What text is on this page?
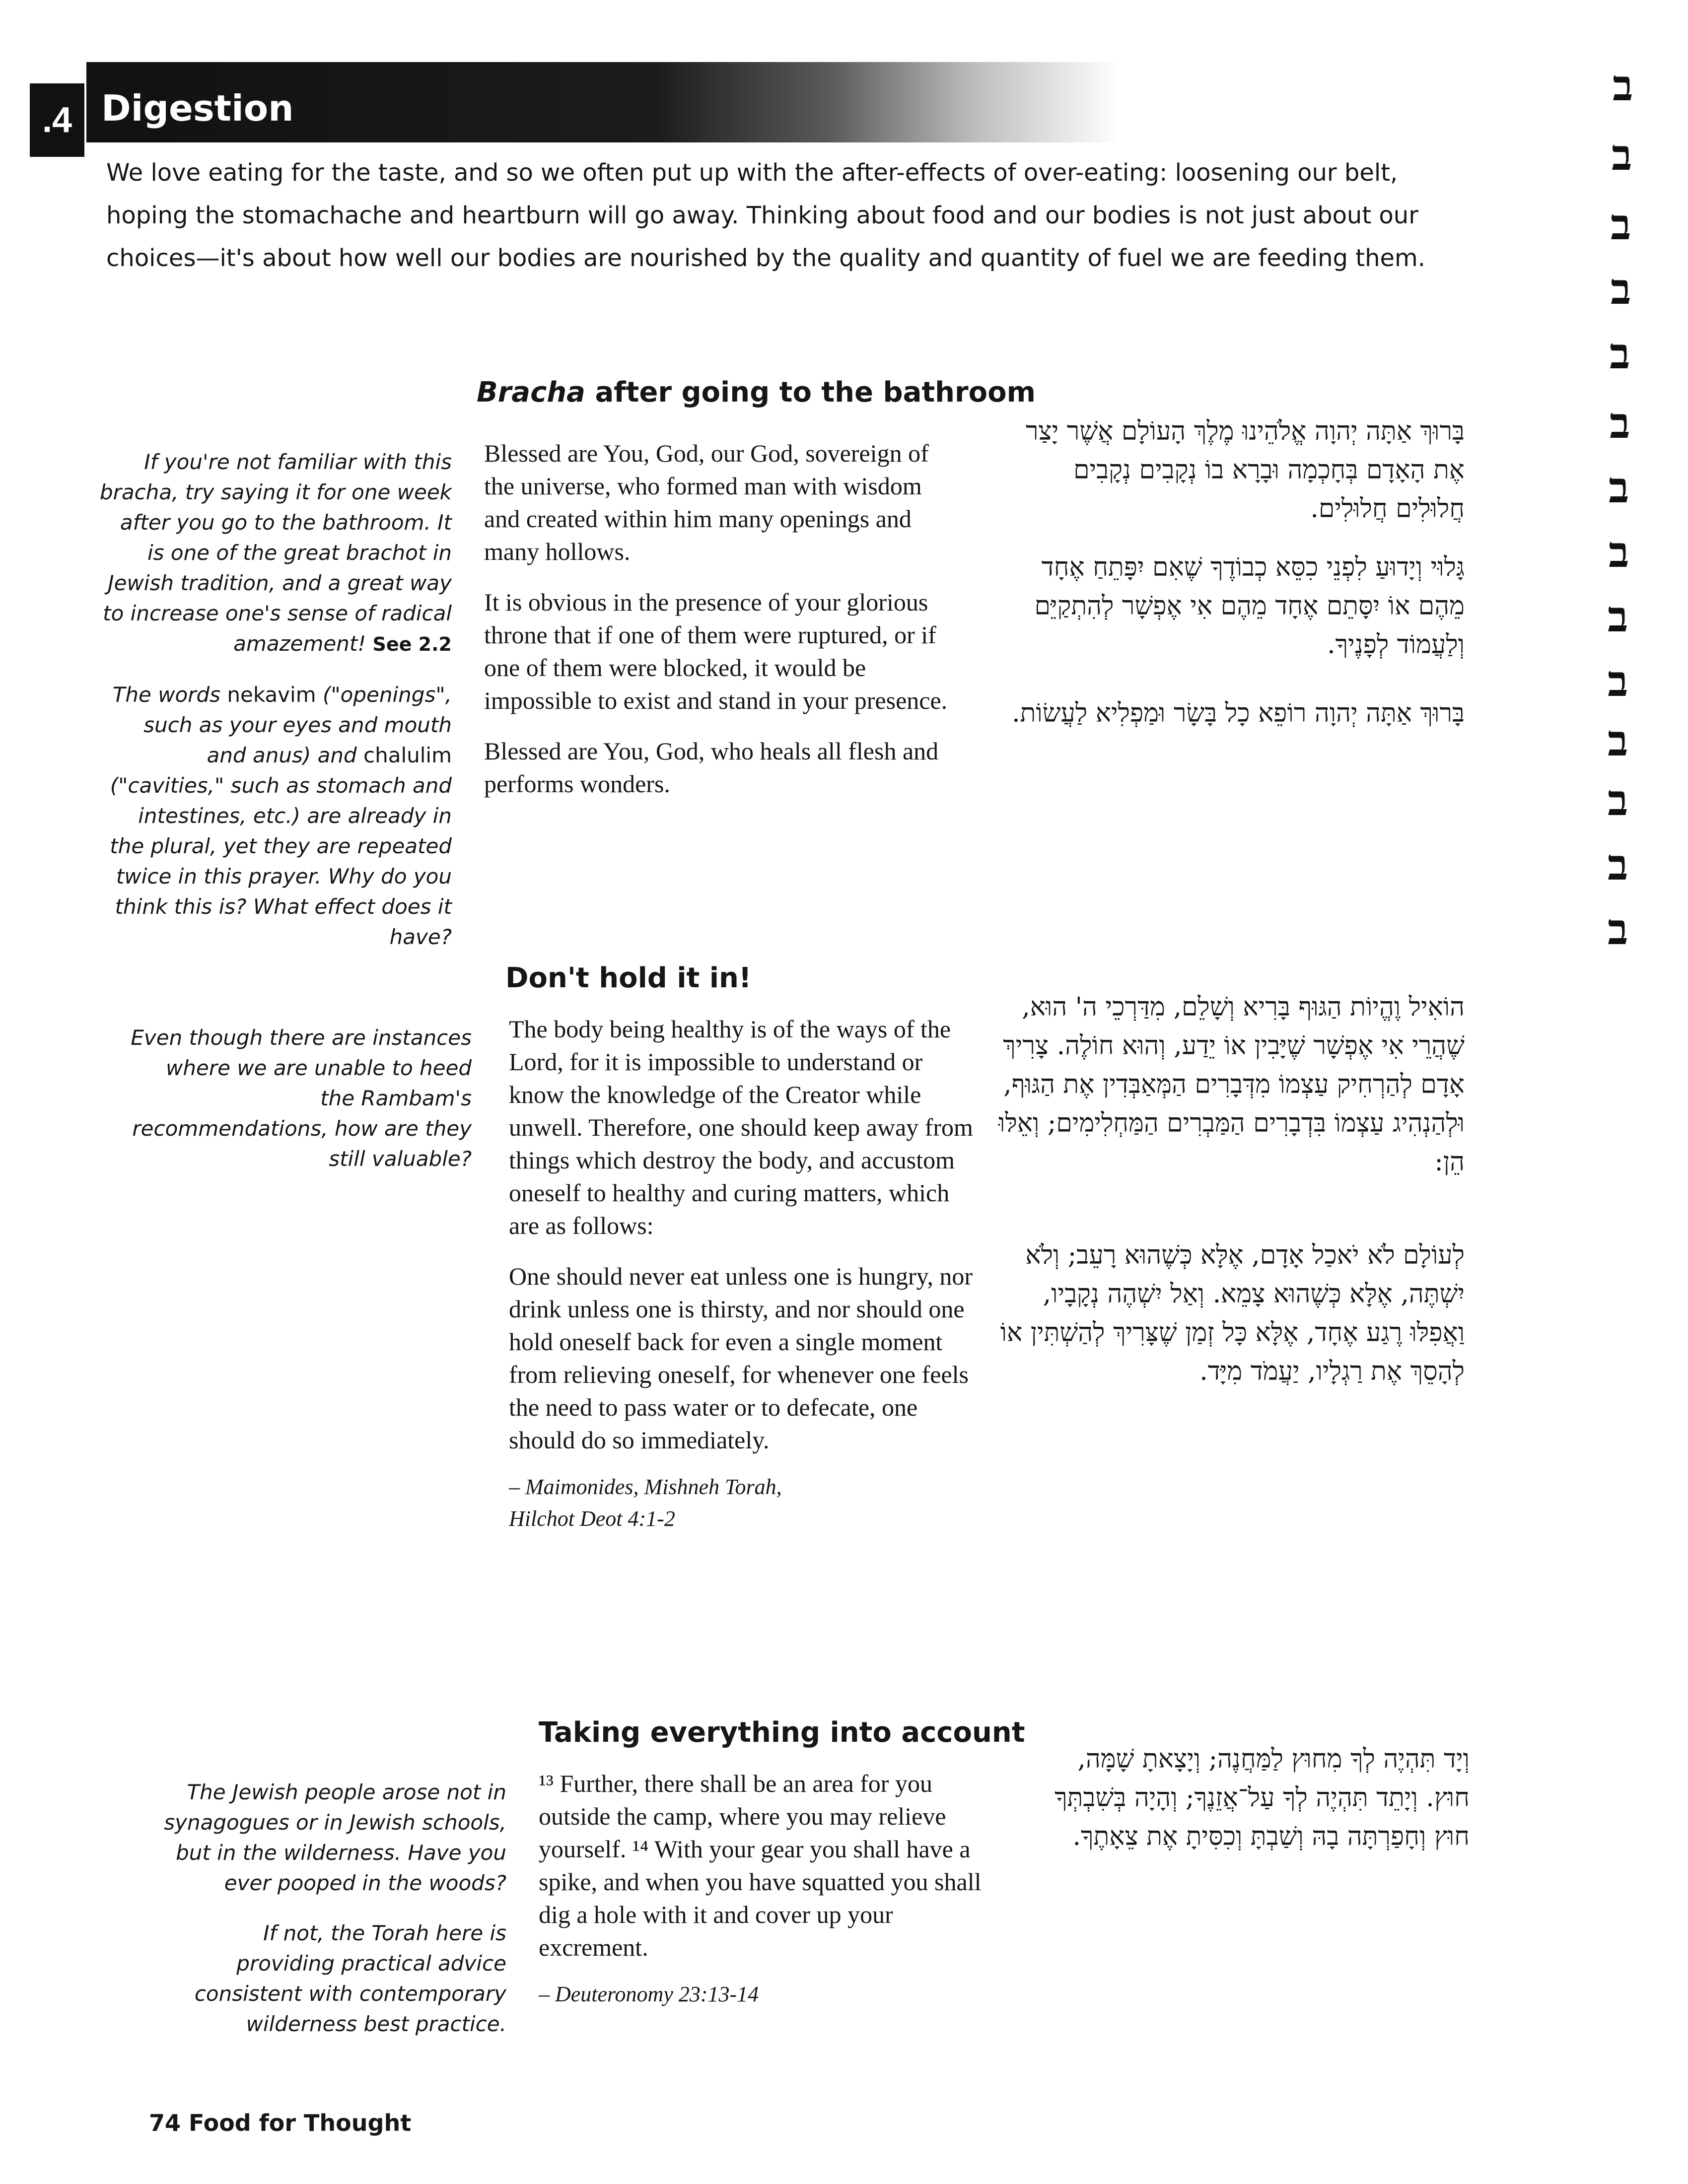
.4 Digestion
We love eating for the taste, and so we often put up with the after-effects of over-eating: loosening our belt, hoping the stomachache and heartburn will go away. Thinking about food and our bodies is not just about our choices—it's about how well our bodies are nourished by the quality and quantity of fuel we are feeding them.
Bracha after going to the bathroom

If you're not familiar with this bracha, try saying it for one week after you go to the bathroom. It is one of the great brachot in Jewish tradition, and a great way to increase one's sense of radical amazement! See 2.2

The words nekavim ("openings", such as your eyes and mouth and anus) and chalulim ("cavities," such as stomach and intestines, etc.) are already in the plural, yet they are repeated twice in this prayer. Why do you think this is? What effect does it have?

Blessed are You, God, our God, sovereign of the universe, who formed man with wisdom and created within him many openings and many hollows.

It is obvious in the presence of your glorious throne that if one of them were ruptured, or if one of them were blocked, it would be impossible to exist and stand in your presence.

Blessed are You, God, who heals all flesh and performs wonders.

בָּרוּךְ אַתָּה יְהוָה אֱלֹהֵינוּ מֶלֶךְ הָעוֹלָם אֲשֶׁר יָצַר אֶת הָאָדָם בְּחָכְמָה וּבָרָא בוֹ נְקָבִים נְקָבִים חֲלוּלִים חֲלוּלִים.

גָּלוּי וְיָדוּעַ לִפְנֵי כִסֵּא כְבוֹדֶךָ שֶׁאִם יִפָּתֵחַ אֶחָד מֵהֶם אוֹ יִסָּתֵם אֶחָד מֵהֶם אִי אֶפְשָׁר לְהִתְקַיֵּם וְלַעֲמוֹד לְפָנֶיךָ.

בָּרוּךְ אַתָּה יְהוָה רוֹפֵא כָל בָּשָׂר וּמַפְלִיא לַעֲשׂוֹת.

Don't hold it in!

Even though there are instances where we are unable to heed the Rambam's recommendations, how are they still valuable?

The body being healthy is of the ways of the Lord, for it is impossible to understand or know the knowledge of the Creator while unwell. Therefore, one should keep away from things which destroy the body, and accustom oneself to healthy and curing matters, which are as follows:

One should never eat unless one is hungry, nor drink unless one is thirsty, and nor should one hold oneself back for even a single moment from relieving oneself, for whenever one feels the need to pass water or to defecate, one should do so immediately.

– Maimonides, Mishneh Torah,

Hilchot Deot 4:1-2

הוֹאִיל וֶהֱיוֹת הַגּוּף בָּרִיא וְשָׁלֵם, מִדַּרְכֵי ה' הוּא, שֶׁהֲרֵי אִי אֶפְשָׁר שֶׁיָּבִין אוֹ יֵדַע, וְהוּא חוֹלֶה. צָרִיךְ אָדָם לְהַרְחִיק עַצְמוֹ מִדְּבָרִים הַמְּאַבְּדִין אֶת הַגּוּף, וּלְהַנְהִיג עַצְמוֹ בִּדְבָרִים הַמַּבְרִים הַמַּחְלִימִים; וְאֵלּוּ הֵן:

לְעוֹלָם לֹא יֹאכַל אָדָם, אֶלָּא כְּשֶׁהוּא רָעֵב; וְלֹא יִשְׁתֶּה, אֶלָּא כְּשֶׁהוּא צָמֵא. וְאַל יִשְׁהֶה נְקָבָיו, וַאֲפִלּוּ רֶגַע אֶחָד, אֶלָּא כָּל זְמַן שֶׁצָּרִיךְ לְהַשְׁתִּין אוֹ לְהָסֵךְ אֶת רַגְלָיו, יַעֲמֹד מִיָּד.

Taking everything into account

The Jewish people arose not in synagogues or in Jewish schools, but in the wilderness. Have you ever pooped in the woods?

If not, the Torah here is providing practical advice consistent with contemporary wilderness best practice.

¹³ Further, there shall be an area for you outside the camp, where you may relieve yourself. ¹⁴ With your gear you shall have a spike, and when you have squatted you shall dig a hole with it and cover up your excrement.

– Deuteronomy 23:13-14
וְיָד תִּהְיֶה לְךָ מִחוּץ לַמַּחֲנֶה; וְיָצָאתָ שָׁמָּה, חוּץ. וְיָתֵד תִּהְיֶה לְךָ עַל־אֲזֵנֶךָ; וְהָיָה בְּשִׁבְתְּךָ חוּץ וְחָפַרְתָּה בָהּ וְשַׁבְתָּ וְכִסִּיתָ אֶת צֵאָתֶךָ.
74 Food for Thought
ב
ב
ב
ב
ב
ב
ב
ב
ב
ב
ב
ב
ב
ב
